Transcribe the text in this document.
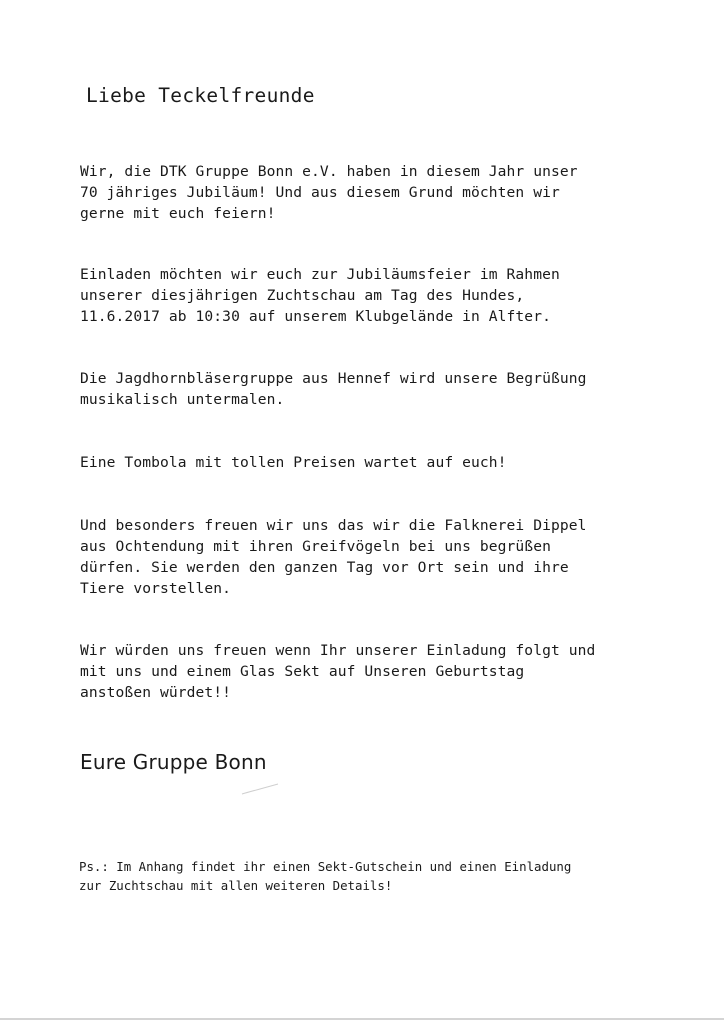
Liebe Teckelfreunde
Wir, die DTK Gruppe Bonn e.V. haben in diesem Jahr unser
70 jähriges Jubiläum! Und aus diesem Grund möchten wir
gerne mit euch feiern!
Einladen möchten wir euch zur Jubiläumsfeier im Rahmen
unserer diesjährigen Zuchtschau am Tag des Hundes,
11.6.2017 ab 10:30 auf unserem Klubgelände in Alfter.
Die Jagdhornbläsergruppe aus Hennef wird unsere Begrüßung
musikalisch untermalen.
Eine Tombola mit tollen Preisen wartet auf euch!
Und besonders freuen wir uns das wir die Falknerei Dippel
aus Ochtendung mit ihren Greifvögeln bei uns begrüßen
dürfen. Sie werden den ganzen Tag vor Ort sein und ihre
Tiere vorstellen.
Wir würden uns freuen wenn Ihr unserer Einladung folgt und
mit uns und einem Glas Sekt auf Unseren Geburtstag
anstoßen würdet!!
Eure Gruppe Bonn
Ps.: Im Anhang findet ihr einen Sekt-Gutschein und einen Einladung
zur Zuchtschau mit allen weiteren Details!
